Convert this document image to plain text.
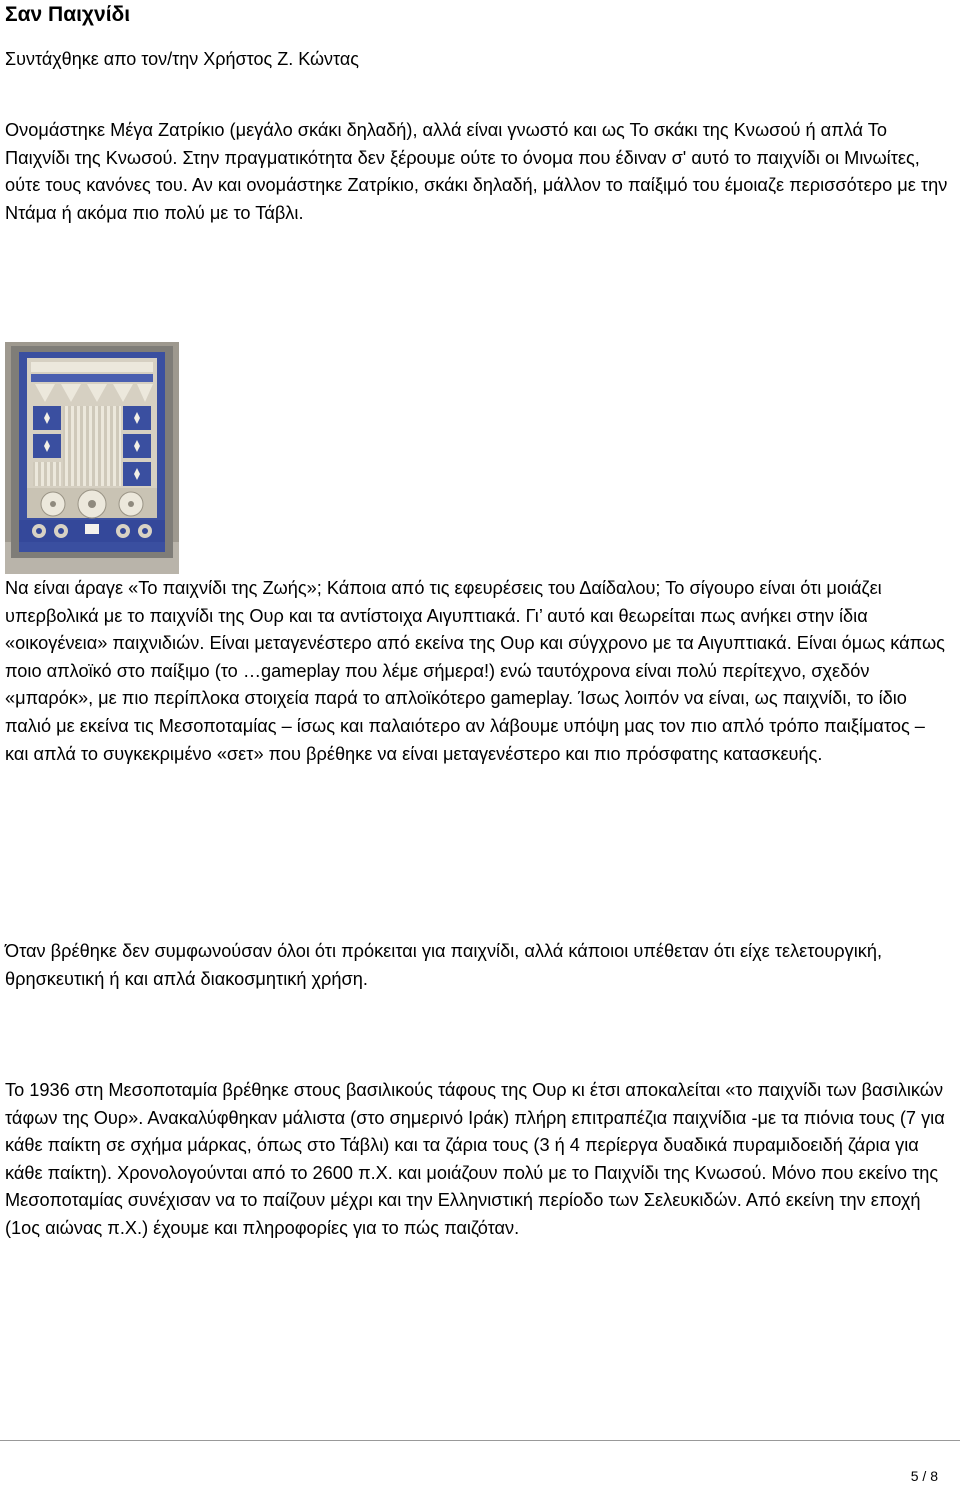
Σαν Παιχνίδι
Συντάχθηκε απο τον/την Χρήστος Ζ. Κώντας

Ονομάστηκε Μέγα Ζατρίκιο (μεγάλο σκάκι δηλαδή), αλλά είναι γνωστό και ως Το σκάκι της Κνωσού ή απλά Το Παιχνίδι της Κνωσού. Στην πραγματικότητα δεν ξέρουμε ούτε το όνομα που έδιναν σ' αυτό το παιχνίδι οι Μινωίτες, ούτε τους κανόνες του. Αν και ονομάστηκε Ζατρίκιο, σκάκι δηλαδή, μάλλον το παίξιμό του έμοιαζε περισσότερο με την Ντάμα ή ακόμα πιο πολύ με το Τάβλι.

Να είναι άραγε «Το παιχνίδι της Ζωής»; Κάποια από τις εφευρέσεις του Δαίδαλου; Το σίγουρο είναι ότι μοιάζει υπερβολικά με το παιχνίδι της Ουρ και τα αντίστοιχα Αιγυπτιακά. Γι’ αυτό και θεωρείται πως ανήκει στην ίδια «οικογένεια» παιχνιδιών. Είναι μεταγενέστερο από εκείνα της Ουρ και σύγχρονο με τα Αιγυπτιακά. Είναι όμως κάπως ποιο απλοϊκό στο παίξιμο (το …gameplay που λέμε σήμερα!) ενώ ταυτόχρονα είναι πολύ περίτεχνο, σχεδόν «μπαρόκ», με πιο περίπλοκα στοιχεία παρά το απλοϊκότερο gameplay. Ίσως λοιπόν να είναι, ως παιχνίδι, το ίδιο παλιό με εκείνα τις Μεσοποταμίας – ίσως και παλαιότερο αν λάβουμε υπόψη μας τον πιο απλό τρόπο παιξίματος – και απλά το συγκεκριμένο «σετ» που βρέθηκε να είναι μεταγενέστερο και πιο πρόσφατης κατασκευής.

Όταν βρέθηκε δεν συμφωνούσαν όλοι ότι πρόκειται για παιχνίδι, αλλά κάποιοι υπέθεταν ότι είχε τελετουργική, θρησκευτική ή και απλά διακοσμητική χρήση.

Το 1936 στη Μεσοποταμία βρέθηκε στους βασιλικούς τάφους της Ουρ κι έτσι αποκαλείται «το παιχνίδι των βασιλικών τάφων της Ουρ». Ανακαλύφθηκαν μάλιστα (στο σημερινό Ιράκ) πλήρη επιτραπέζια παιχνίδια -με τα πιόνια τους (7 για κάθε παίκτη σε σχήμα μάρκας, όπως στο Τάβλι) και τα ζάρια τους (3 ή 4 περίεργα δυαδικά πυραμιδοειδή ζάρια για κάθε παίκτη). Χρονολογούνται από το 2600 π.Χ. και μοιάζουν πολύ με το Παιχνίδι της Κνωσού. Μόνο που εκείνο της Μεσοποταμίας συνέχισαν να το παίζουν μέχρι και την Ελληνιστική περίοδο των Σελευκιδών. Από εκείνη την εποχή (1ος αιώνας π.Χ.) έχουμε και πληροφορίες για το πώς παιζόταν.

5 / 8
